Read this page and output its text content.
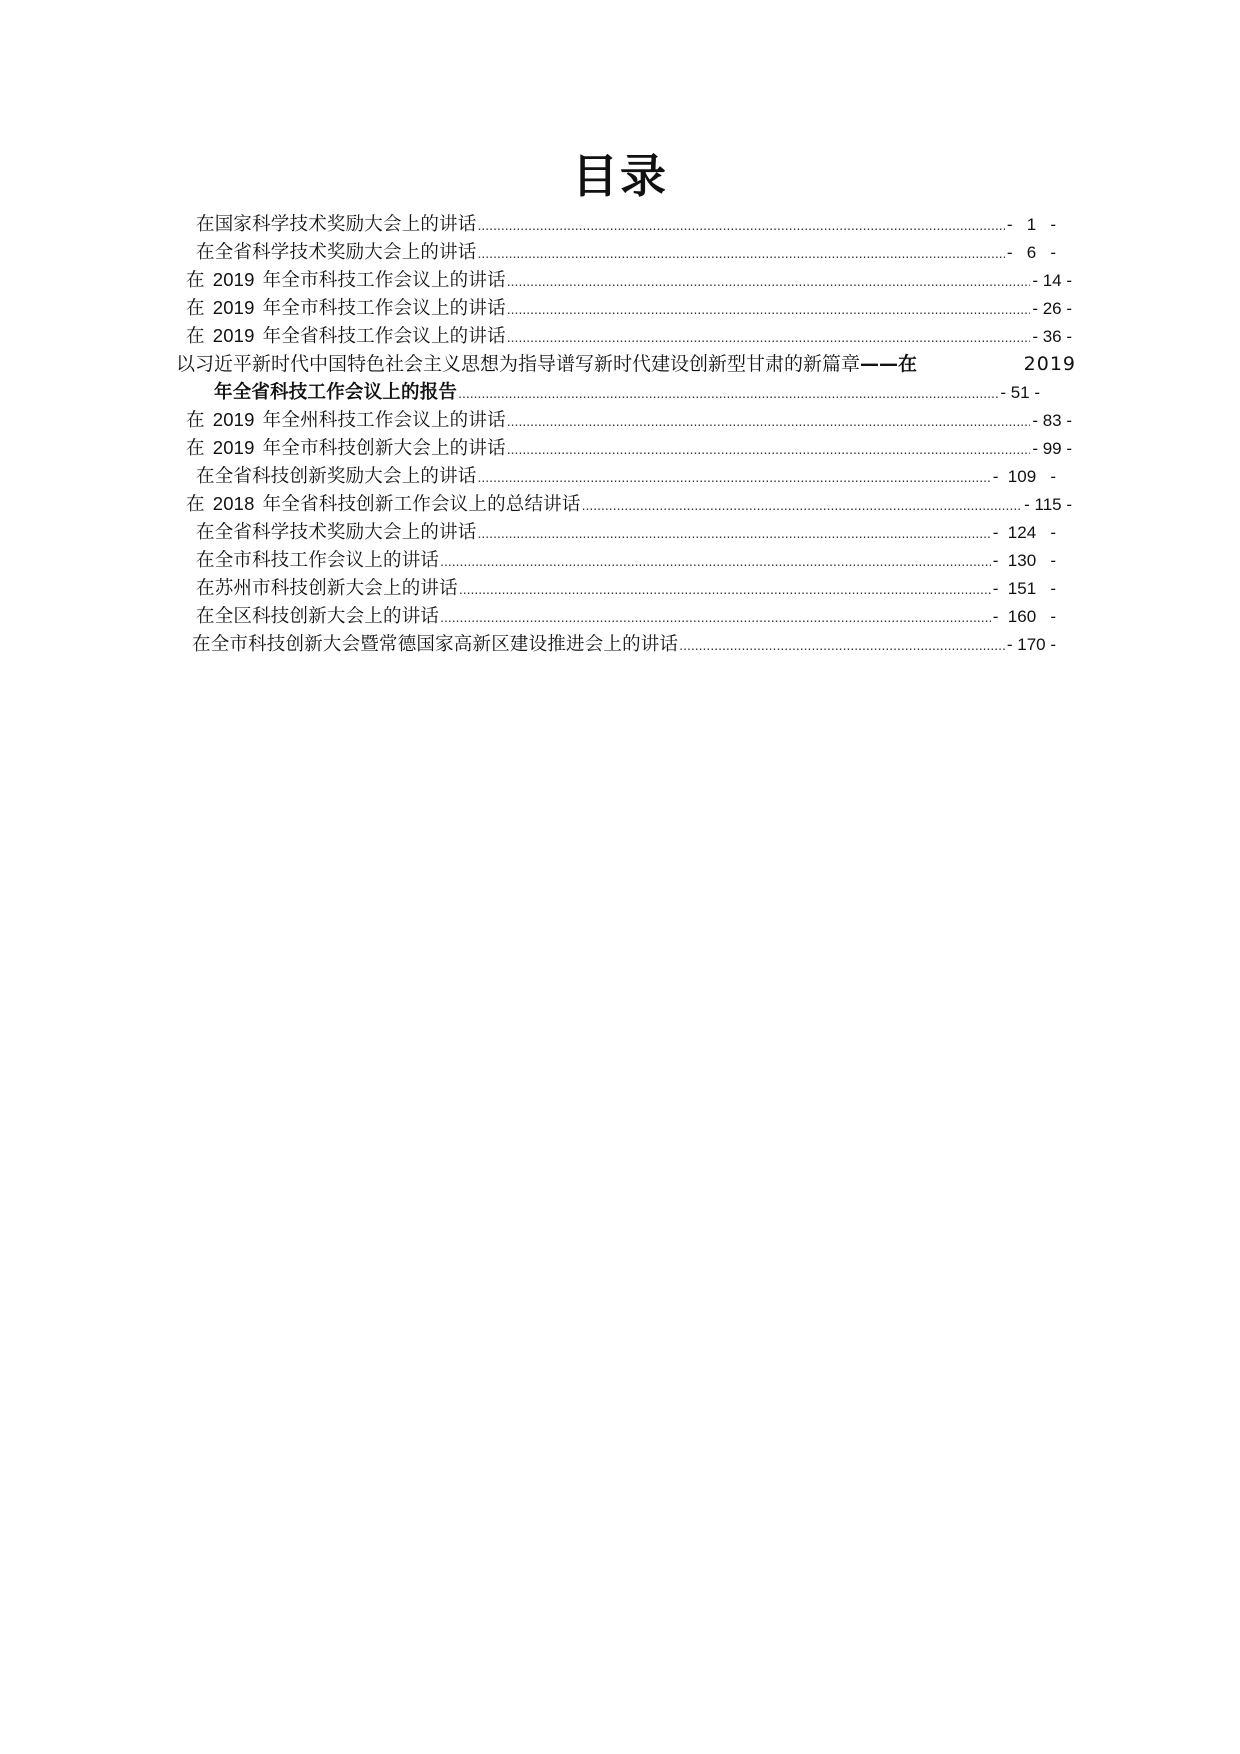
目录
在国家科学技术奖励大会上的讲话 .....	-   1   -
在全省科学技术奖励大会上的讲话 .....	-   6   -
在 2019 年全市科技工作会议上的讲话 .....	- 14 -
在 2019 年全市科技工作会议上的讲话 .....	- 26 -
在 2019 年全省科技工作会议上的讲话 .....	- 36 -
以习近平新时代中国特色社会主义思想为指导谱写新时代建设创新型甘肃的新篇章——在	2019
年全省科技工作会议上的报告 .....	- 51 -
在 2019 年全州科技工作会议上的讲话 .....	- 83 -
在 2019 年全市科技创新大会上的讲话 .....	- 99 -
在全省科技创新奖励大会上的讲话 .....	-  109   -
在 2018 年全省科技创新工作会议上的总结讲话 .....	- 115 -
在全省科学技术奖励大会上的讲话 .....	-  124   -
在全市科技工作会议上的讲话 .....	-  130   -
在苏州市科技创新大会上的讲话 .....	-  151   -
在全区科技创新大会上的讲话 .....	-  160   -
在全市科技创新大会暨常德国家高新区建设推进会上的讲话 .....	- 170 -
